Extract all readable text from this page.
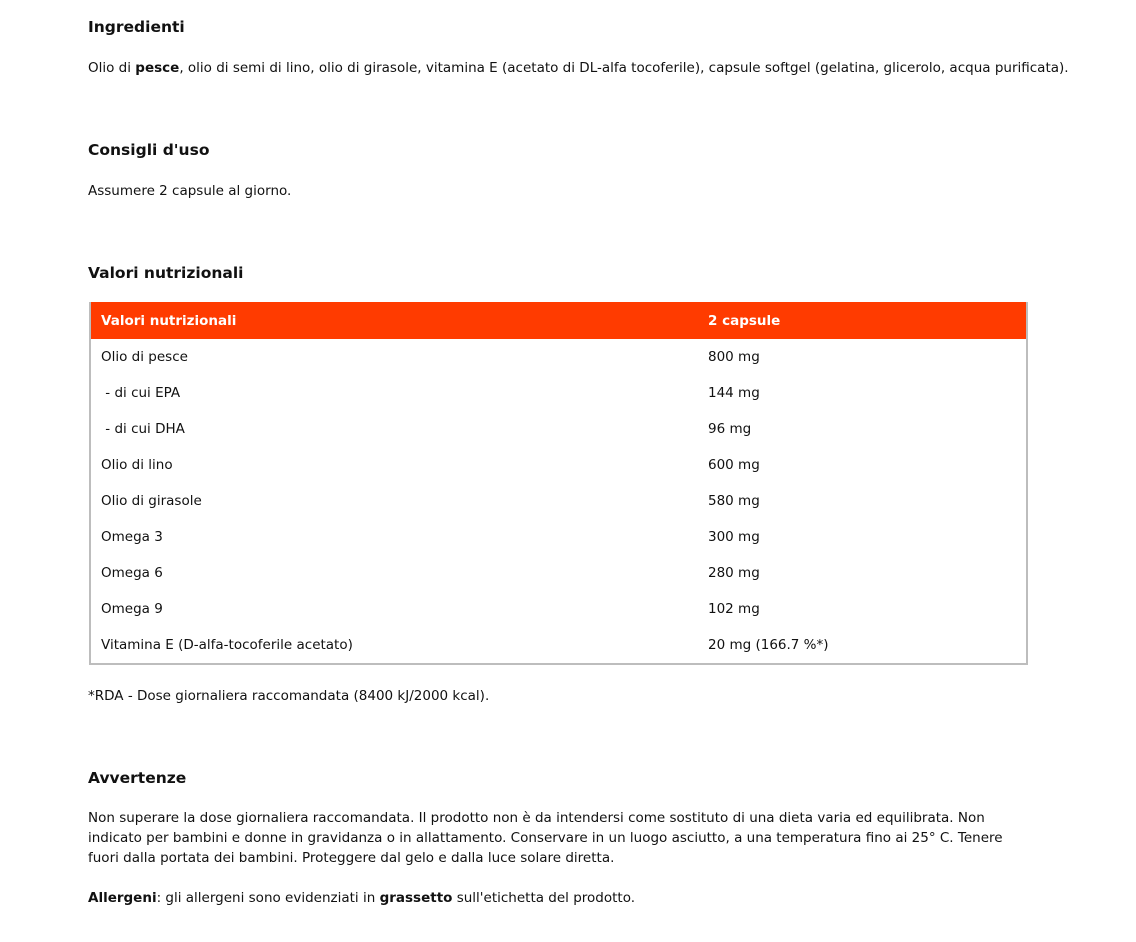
Ingredienti

Olio di pesce, olio di semi di lino, olio di girasole, vitamina E (acetato di DL-alfa tocoferile), capsule softgel (gelatina, glicerolo, acqua purificata).

Consigli d'uso

Assumere 2 capsule al giorno.

Valori nutrizionali
Valori nutrizionali	2 capsule
Olio di pesce	800 mg
- di cui EPA	144 mg
- di cui DHA	96 mg
Olio di lino	600 mg
Olio di girasole	580 mg
Omega 3	300 mg
Omega 6	280 mg
Omega 9	102 mg
Vitamina E (D-alfa-tocoferile acetato)	20 mg (166.7 %*)

*RDA - Dose giornaliera raccomandata (8400 kJ/2000 kcal).

Avvertenze

Non superare la dose giornaliera raccomandata. Il prodotto non è da intendersi come sostituto di una dieta varia ed equilibrata. Non indicato per bambini e donne in gravidanza o in allattamento. Conservare in un luogo asciutto, a una temperatura fino ai 25° C. Tenere fuori dalla portata dei bambini. Proteggere dal gelo e dalla luce solare diretta.

Allergeni: gli allergeni sono evidenziati in grassetto sull'etichetta del prodotto.
